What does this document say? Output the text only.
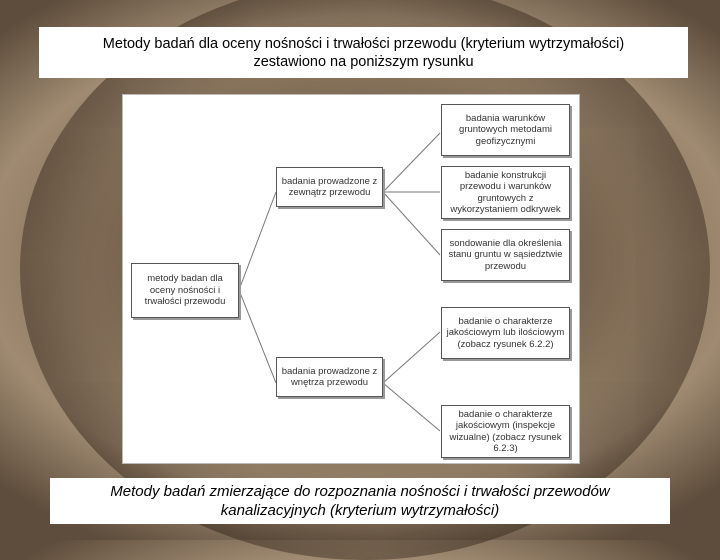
Metody badań dla oceny nośności i trwałości przewodu (kryterium wytrzymałości)
zestawiono na poniższym rysunku
metody badan dla oceny nośności i trwałości przewodu
badania prowadzone z zewnątrz przewodu
badania prowadzone z wnętrza przewodu
badania warunków gruntowych metodami geofizycznymi
badanie konstrukcji przewodu i warunków gruntowych z wykorzystaniem odkrywek
sondowanie dla określenia stanu gruntu w sąsiedztwie przewodu
badanie o charakterze jakościowym lub ilościowym (zobacz rysunek 6.2.2)
badanie o charakterze jakościowym (inspekcje wizualne) (zobacz rysunek 6.2.3)
Metody badań zmierzające do rozpoznania nośności i trwałości przewodów
kanalizacyjnych (kryterium wytrzymałości)
